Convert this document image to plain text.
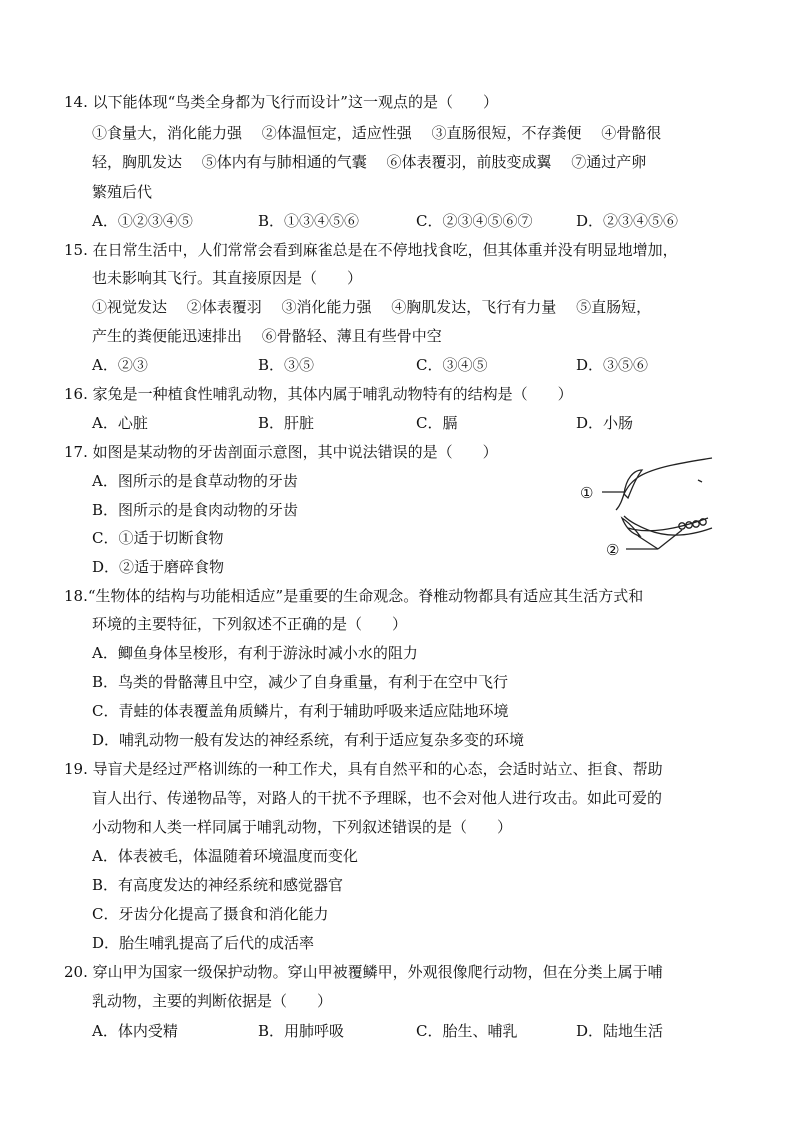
14. 以下能体现“鸟类全身都为飞行而设计”这一观点的是（　　）
①食量大，消化能力强　 ②体温恒定，适应性强　 ③直肠很短，不存粪便　 ④骨骼很
轻，胸肌发达　 ⑤体内有与肺相通的气囊　 ⑥体表覆羽，前肢变成翼　 ⑦通过产卵
繁殖后代
A．①②③④⑤	B．①③④⑤⑥	C．②③④⑤⑥⑦	D．②③④⑤⑥
15. 在日常生活中，人们常常会看到麻雀总是在不停地找食吃，但其体重并没有明显地增加，
也未影响其飞行。其直接原因是（　　）
①视觉发达　 ②体表覆羽　 ③消化能力强　 ④胸肌发达，飞行有力量　 ⑤直肠短，
产生的粪便能迅速排出　 ⑥骨骼轻、薄且有些骨中空
A．②③	B．③⑤	C．③④⑤	D．③⑤⑥
16. 家兔是一种植食性哺乳动物，其体内属于哺乳动物特有的结构是（　　）
A．心脏	B．肝脏	C．膈	D．小肠
17. 如图是某动物的牙齿剖面示意图，其中说法错误的是（　　）
A．图所示的是食草动物的牙齿
B．图所示的是食肉动物的牙齿
C．①适于切断食物
D．②适于磨碎食物
①
②
18.“生物体的结构与功能相适应”是重要的生命观念。脊椎动物都具有适应其生活方式和
环境的主要特征，下列叙述不正确的是（　　）
A．鲫鱼身体呈梭形，有利于游泳时减小水的阻力
B．鸟类的骨骼薄且中空，减少了自身重量，有利于在空中飞行
C．青蛙的体表覆盖角质鳞片，有利于辅助呼吸来适应陆地环境
D．哺乳动物一般有发达的神经系统，有利于适应复杂多变的环境
19. 导盲犬是经过严格训练的一种工作犬，具有自然平和的心态，会适时站立、拒食、帮助
盲人出行、传递物品等，对路人的干扰不予理睬，也不会对他人进行攻击。如此可爱的
小动物和人类一样同属于哺乳动物，下列叙述错误的是（　　）
A．体表被毛，体温随着环境温度而变化
B．有高度发达的神经系统和感觉器官
C．牙齿分化提高了摄食和消化能力
D．胎生哺乳提高了后代的成活率
20. 穿山甲为国家一级保护动物。穿山甲被覆鳞甲，外观很像爬行动物，但在分类上属于哺
乳动物，主要的判断依据是（　　）
A．体内受精	B．用肺呼吸	C．胎生、哺乳	D．陆地生活
